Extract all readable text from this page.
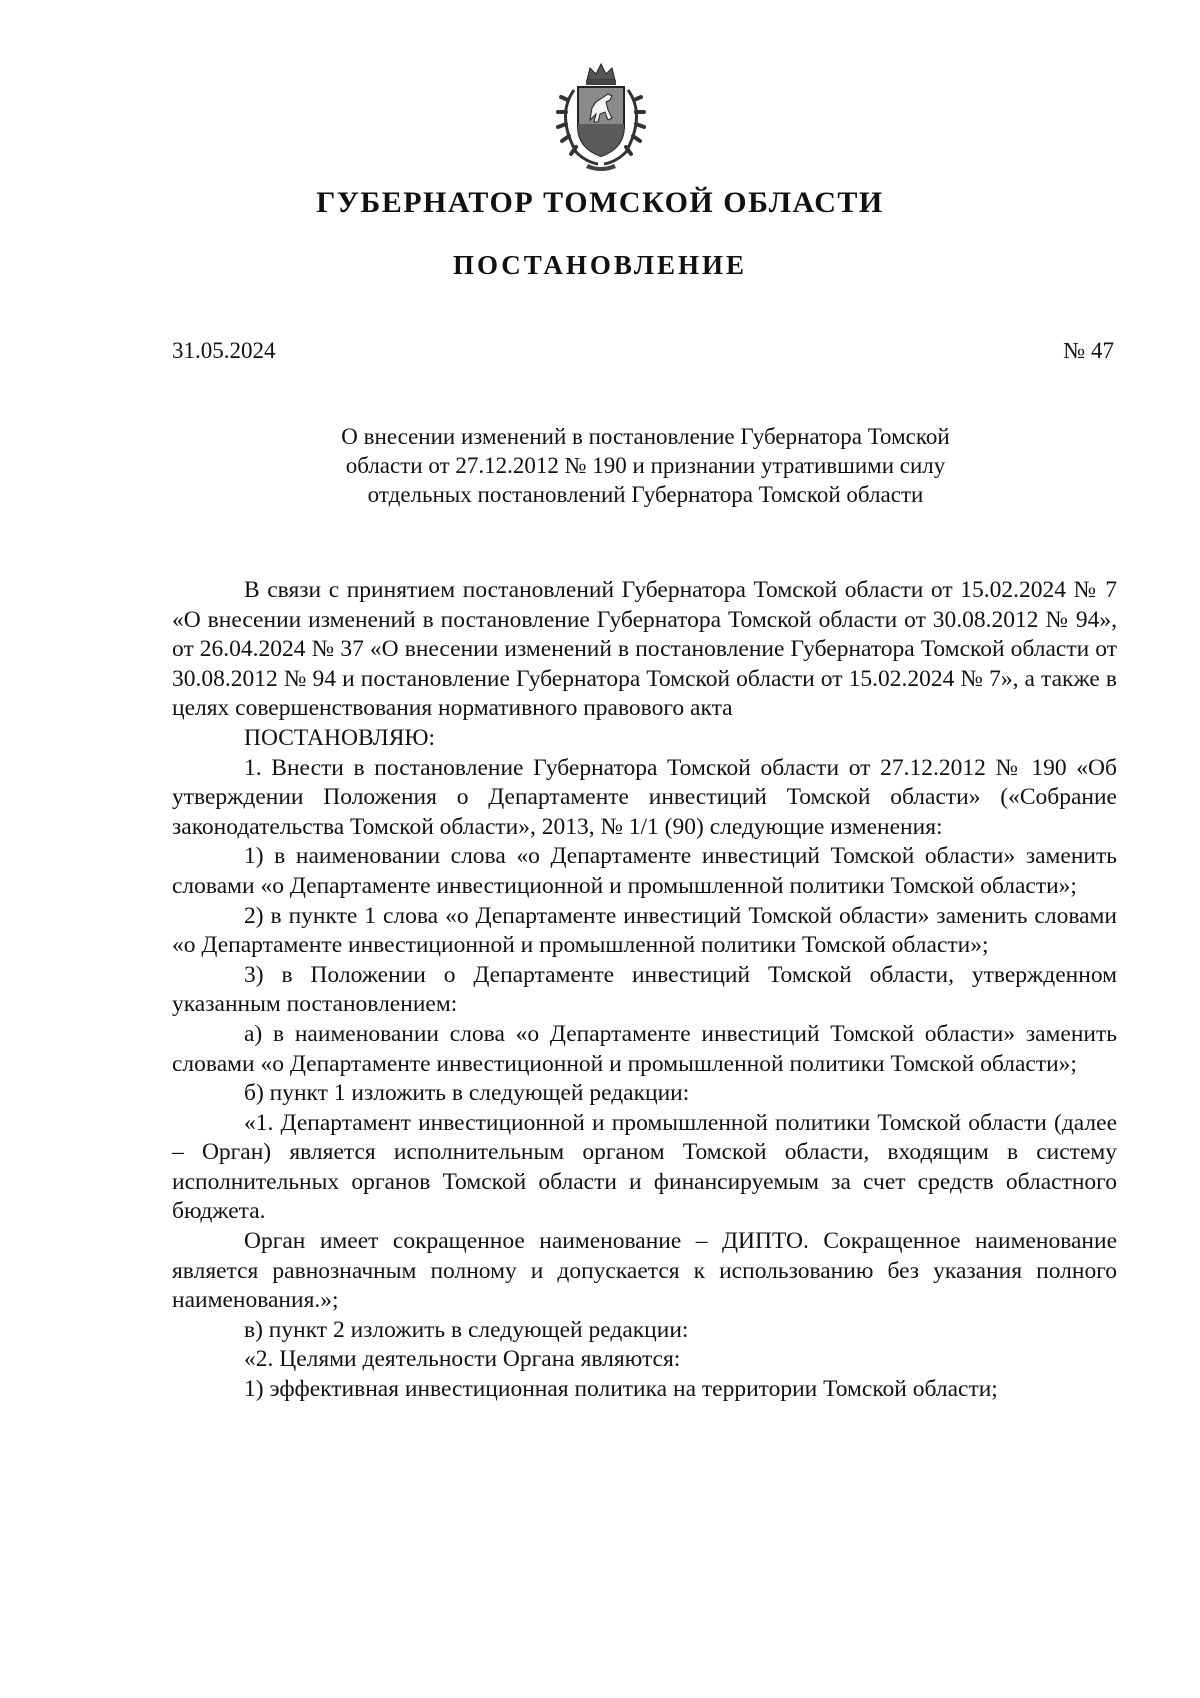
ГУБЕРНАТОР ТОМСКОЙ ОБЛАСТИ
ПОСТАНОВЛЕНИЕ
31.05.2024	№ 47
О внесении изменений в постановление Губернатора Томской
области от 27.12.2012 № 190 и признании утратившими силу
отдельных постановлений Губернатора Томской области

В связи с принятием постановлений Губернатора Томской области от 15.02.2024 № 7 «О внесении изменений в постановление Губернатора Томской области от 30.08.2012 № 94», от 26.04.2024 № 37 «О внесении изменений в постановление Губернатора Томской области от 30.08.2012 № 94 и постановление Губернатора Томской области от 15.02.2024 № 7», а также в целях совершенствования нормативного правового акта

ПОСТАНОВЛЯЮ:

1. Внести в постановление Губернатора Томской области от 27.12.2012 № 190 «Об утверждении Положения о Департаменте инвестиций Томской области» («Собрание законодательства Томской области», 2013, № 1/1 (90) следующие изменения:

1) в наименовании слова «о Департаменте инвестиций Томской области» заменить словами «о Департаменте инвестиционной и промышленной политики Томской области»;

2) в пункте 1 слова «о Департаменте инвестиций Томской области» заменить словами «о Департаменте инвестиционной и промышленной политики Томской области»;

3) в Положении о Департаменте инвестиций Томской области, утвержденном указанным постановлением:

а) в наименовании слова «о Департаменте инвестиций Томской области» заменить словами «о Департаменте инвестиционной и промышленной политики Томской области»;

б) пункт 1 изложить в следующей редакции:

«1. Департамент инвестиционной и промышленной политики Томской области (далее – Орган) является исполнительным органом Томской области, входящим в систему исполнительных органов Томской области и финансируемым за счет средств областного бюджета.

Орган имеет сокращенное наименование – ДИПТО. Сокращенное наименование является равнозначным полному и допускается к использованию без указания полного наименования.»;

в) пункт 2 изложить в следующей редакции:

«2. Целями деятельности Органа являются:

1) эффективная инвестиционная политика на территории Томской области;
